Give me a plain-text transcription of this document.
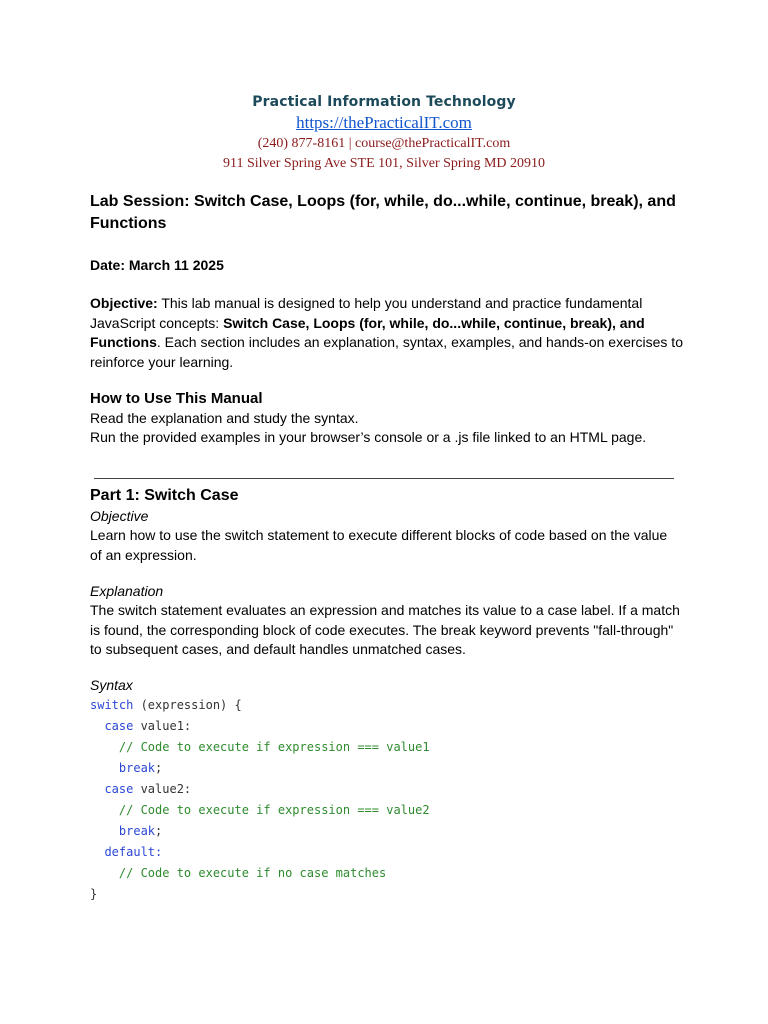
Practical Information Technology
https://thePracticalIT.com
(240) 877-8161 | course@thePracticalIT.com
911 Silver Spring Ave STE 101, Silver Spring MD 20910
Lab Session: Switch Case, Loops (for, while, do...while, continue, break), and Functions
Date: March 11 2025
Objective: This lab manual is designed to help you understand and practice fundamental JavaScript concepts: Switch Case, Loops (for, while, do...while, continue, break), and Functions. Each section includes an explanation, syntax, examples, and hands-on exercises to reinforce your learning.
How to Use This Manual
Read the explanation and study the syntax.
Run the provided examples in your browser’s console or a .js file linked to an HTML page.
Part 1: Switch Case
Objective
Learn how to use the switch statement to execute different blocks of code based on the value of an expression.
Explanation
The switch statement evaluates an expression and matches its value to a case label. If a match is found, the corresponding block of code executes. The break keyword prevents "fall-through" to subsequent cases, and default handles unmatched cases.
Syntax
switch (expression) {
case value1:
// Code to execute if expression === value1
break;
case value2:
// Code to execute if expression === value2
break;
default:
// Code to execute if no case matches
}
